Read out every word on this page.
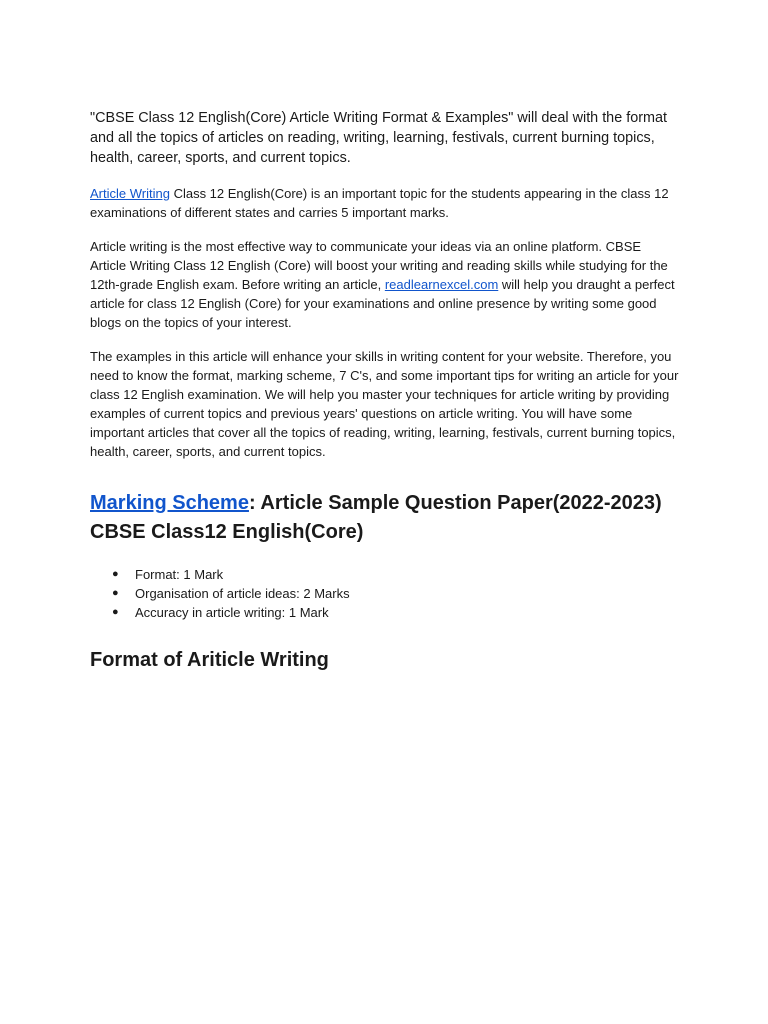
"CBSE Class 12 English(Core) Article Writing Format & Examples" will deal with the format and all the topics of articles on reading, writing, learning, festivals, current burning topics, health, career, sports, and current topics.

Article Writing Class 12 English(Core) is an important topic for the students appearing in the class 12 examinations of different states and carries 5 important marks.

Article writing is the most effective way to communicate your ideas via an online platform. CBSE Article Writing Class 12 English (Core) will boost your writing and reading skills while studying for the 12th-grade English exam. Before writing an article, readlearnexcel.com will help you draught a perfect article for class 12 English (Core) for your examinations and online presence by writing some good blogs on the topics of your interest.

The examples in this article will enhance your skills in writing content for your website. Therefore, you need to know the format, marking scheme, 7 C's, and some important tips for writing an article for your class 12 English examination. We will help you master your techniques for article writing by providing examples of current topics and previous years' questions on article writing. You will have some important articles that cover all the topics of reading, writing, learning, festivals, current burning topics, health, career, sports, and current topics.

Marking Scheme: Article Sample Question Paper(2022-2023) CBSE Class12 English(Core)
● Format: 1 Mark
● Organisation of article ideas: 2 Marks
● Accuracy in article writing: 1 Mark
Format of Ariticle Writing
